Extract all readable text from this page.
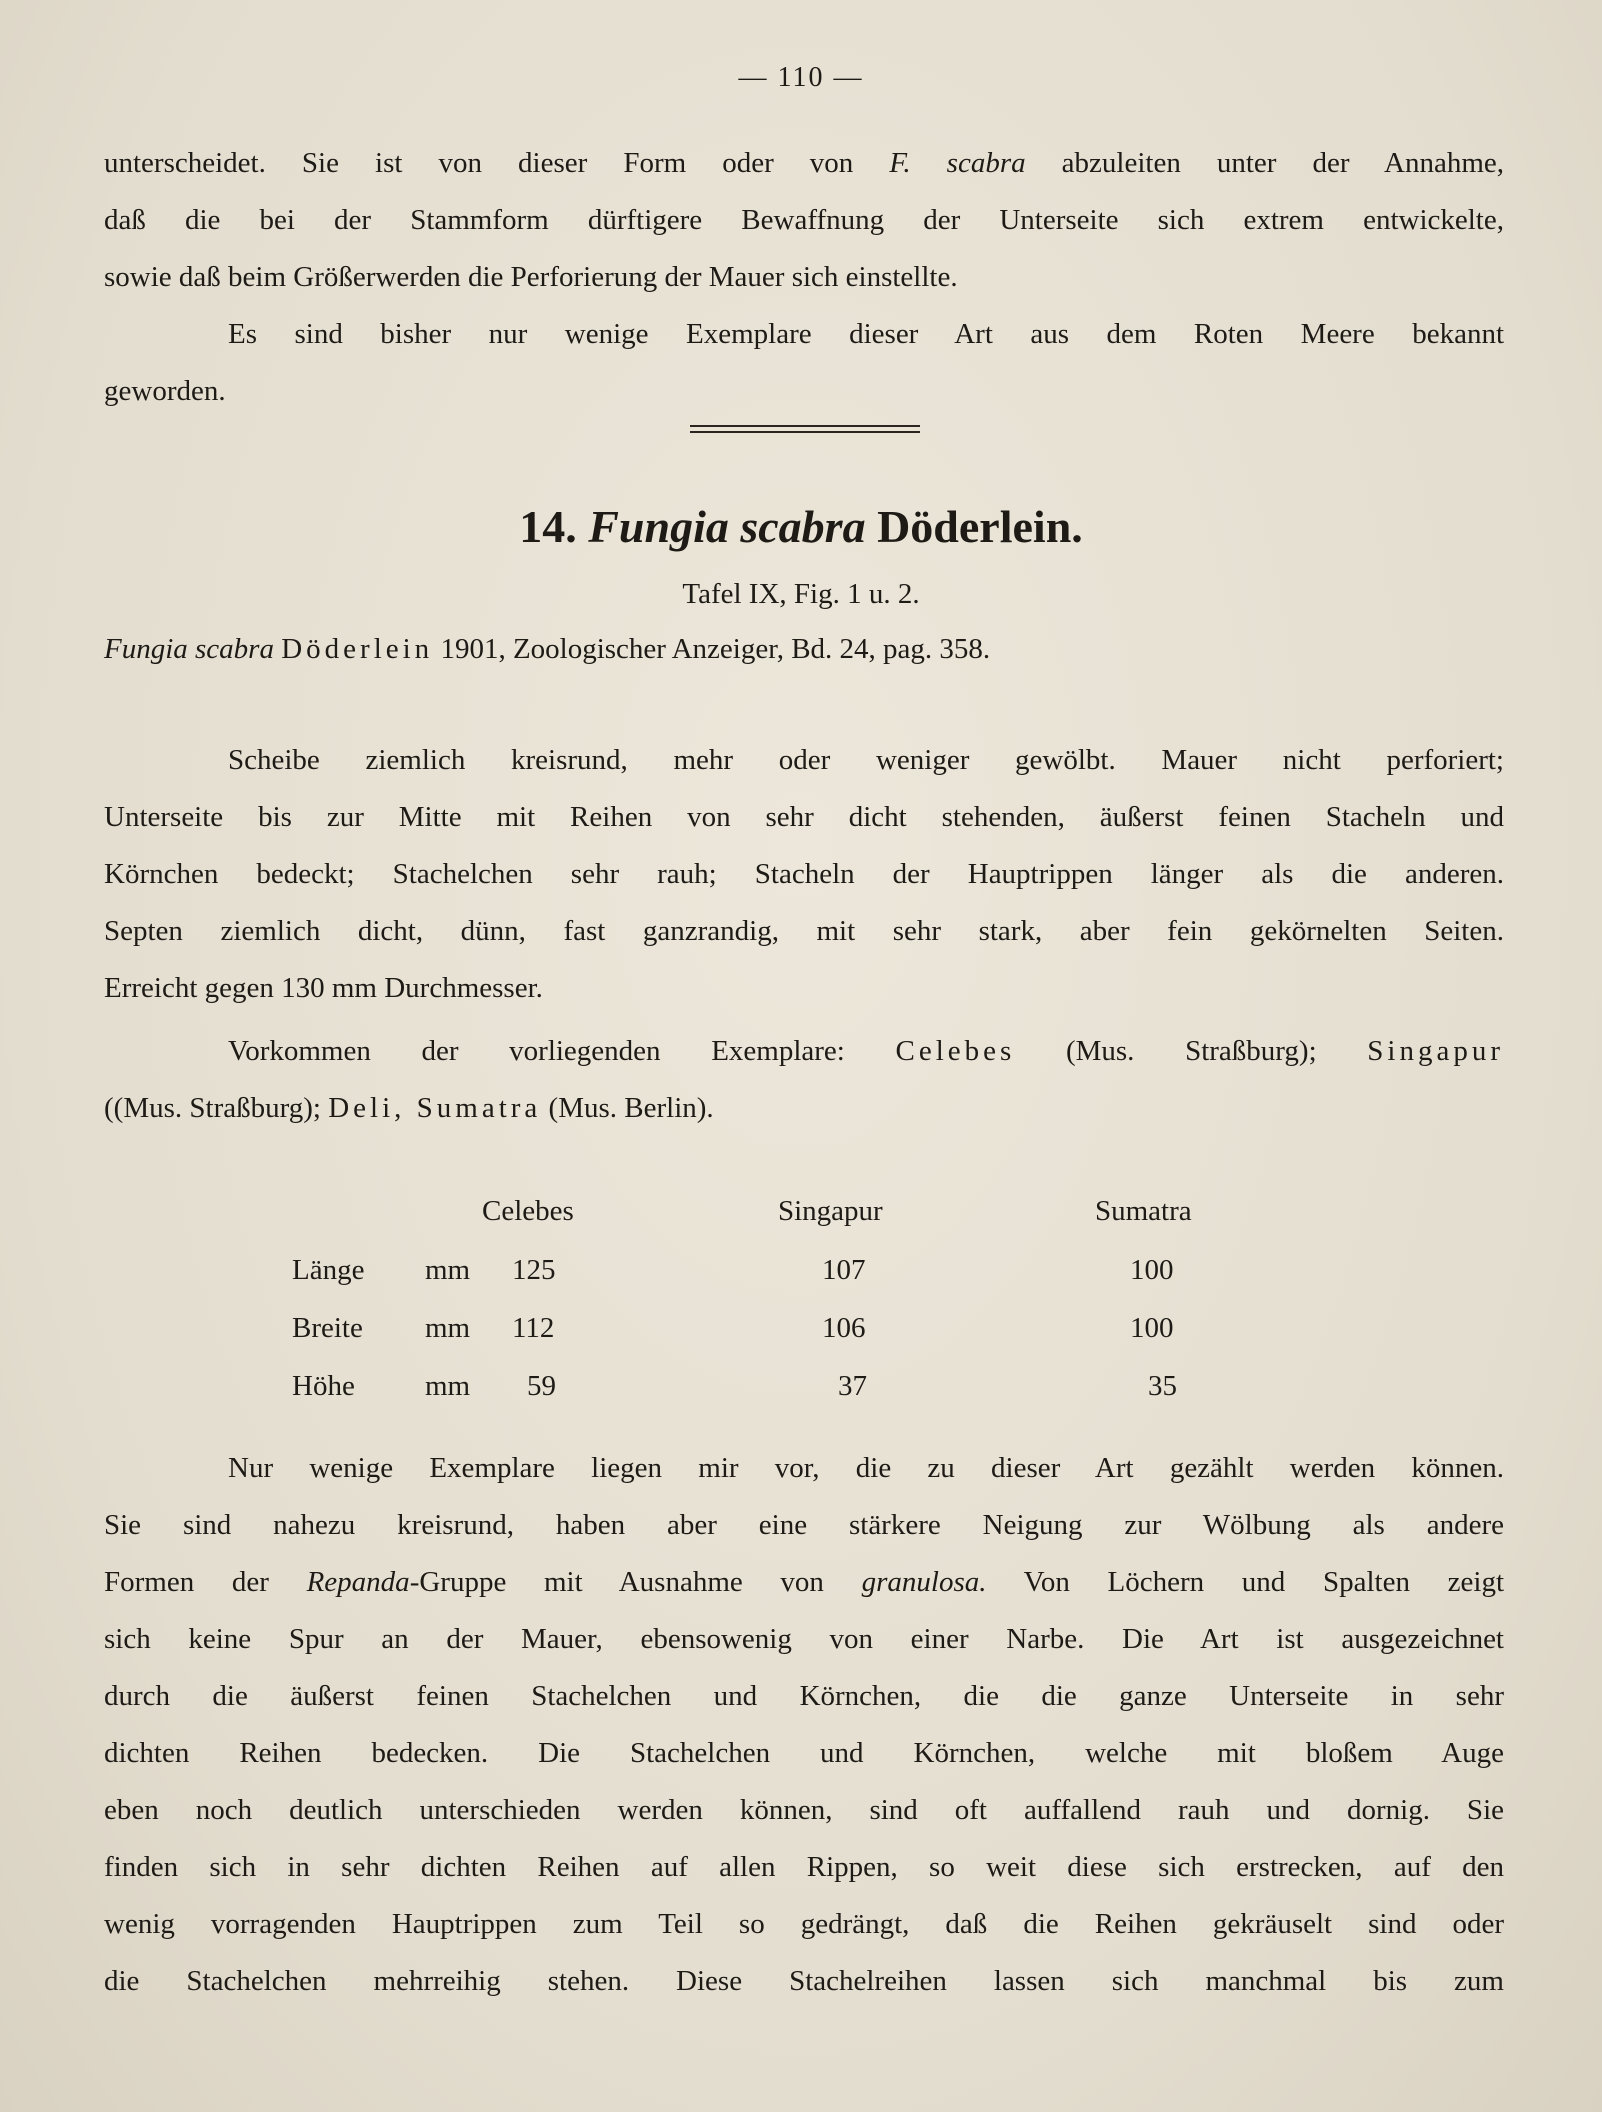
— 110 —
unterscheidet. Sie ist von dieser Form oder von F. scabra abzuleiten unter der Annahme,
daß die bei der Stammform dürftigere Bewaffnung der Unterseite sich extrem entwickelte,
sowie daß beim Größerwerden die Perforierung der Mauer sich einstellte.
Es sind bisher nur wenige Exemplare dieser Art aus dem Roten Meere bekannt
geworden.
14. Fungia scabra Döderlein.
Tafel IX, Fig. 1 u. 2.
Fungia scabra Döderlein 1901, Zoologischer Anzeiger, Bd. 24, pag. 358.
Scheibe ziemlich kreisrund, mehr oder weniger gewölbt. Mauer nicht perforiert;
Unterseite bis zur Mitte mit Reihen von sehr dicht stehenden, äußerst feinen Stacheln und
Körnchen bedeckt; Stachelchen sehr rauh; Stacheln der Hauptrippen länger als die anderen.
Septen ziemlich dicht, dünn, fast ganzrandig, mit sehr stark, aber fein gekörnelten Seiten.
Erreicht gegen 130 mm Durchmesser.
Vorkommen der vorliegenden Exemplare: Celebes (Mus. Straßburg); Singapur
((Mus. Straßburg); Deli, Sumatra (Mus. Berlin).
Celebes	Singapur	Sumatra
Länge mm 125	107	100
Breite mm 112	106	100
Höhe mm 59	37	35
Nur wenige Exemplare liegen mir vor, die zu dieser Art gezählt werden können.
Sie sind nahezu kreisrund, haben aber eine stärkere Neigung zur Wölbung als andere
Formen der Repanda-Gruppe mit Ausnahme von granulosa. Von Löchern und Spalten zeigt
sich keine Spur an der Mauer, ebensowenig von einer Narbe. Die Art ist ausgezeichnet
durch die äußerst feinen Stachelchen und Körnchen, die die ganze Unterseite in sehr
dichten Reihen bedecken. Die Stachelchen und Körnchen, welche mit bloßem Auge
eben noch deutlich unterschieden werden können, sind oft auffallend rauh und dornig. Sie
finden sich in sehr dichten Reihen auf allen Rippen, so weit diese sich erstrecken, auf den
wenig vorragenden Hauptrippen zum Teil so gedrängt, daß die Reihen gekräuselt sind oder
die Stachelchen mehrreihig stehen. Diese Stachelreihen lassen sich manchmal bis zum
